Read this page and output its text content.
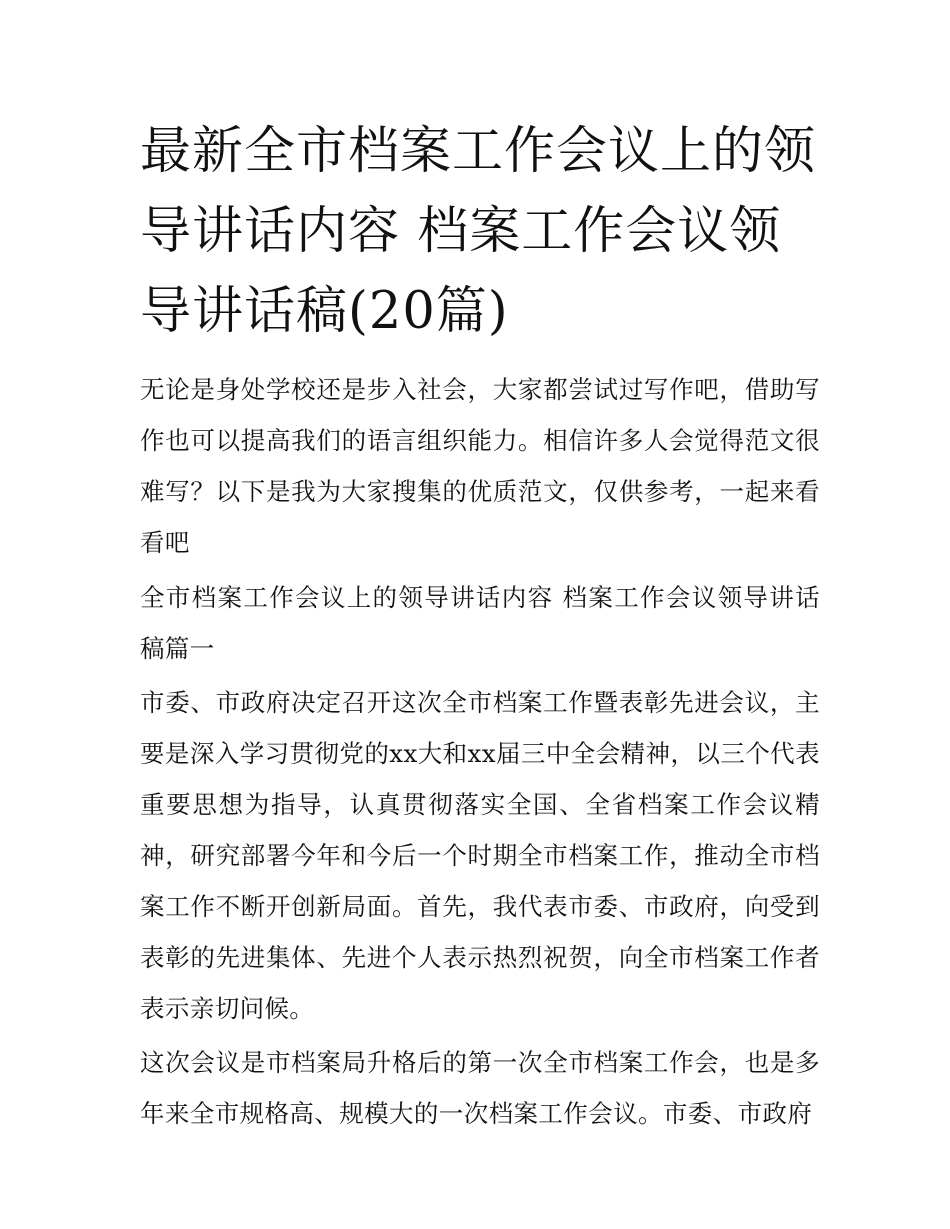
最新全市档案工作会议上的领导讲话内容 档案工作会议领导讲话稿(20篇)

无论是身处学校还是步入社会，大家都尝试过写作吧，借助写作也可以提高我们的语言组织能力。相信许多人会觉得范文很难写？以下是我为大家搜集的优质范文，仅供参考，一起来看看吧

全市档案工作会议上的领导讲话内容 档案工作会议领导讲话稿篇一

市委、市政府决定召开这次全市档案工作暨表彰先进会议，主要是深入学习贯彻党的xx大和xx届三中全会精神，以三个代表重要思想为指导，认真贯彻落实全国、全省档案工作会议精神，研究部署今年和今后一个时期全市档案工作，推动全市档案工作不断开创新局面。首先，我代表市委、市政府，向受到表彰的先进集体、先进个人表示热烈祝贺，向全市档案工作者表示亲切问候。

这次会议是市档案局升格后的第一次全市档案工作会，也是多年来全市规格高、规模大的一次档案工作会议。市委、市政府
